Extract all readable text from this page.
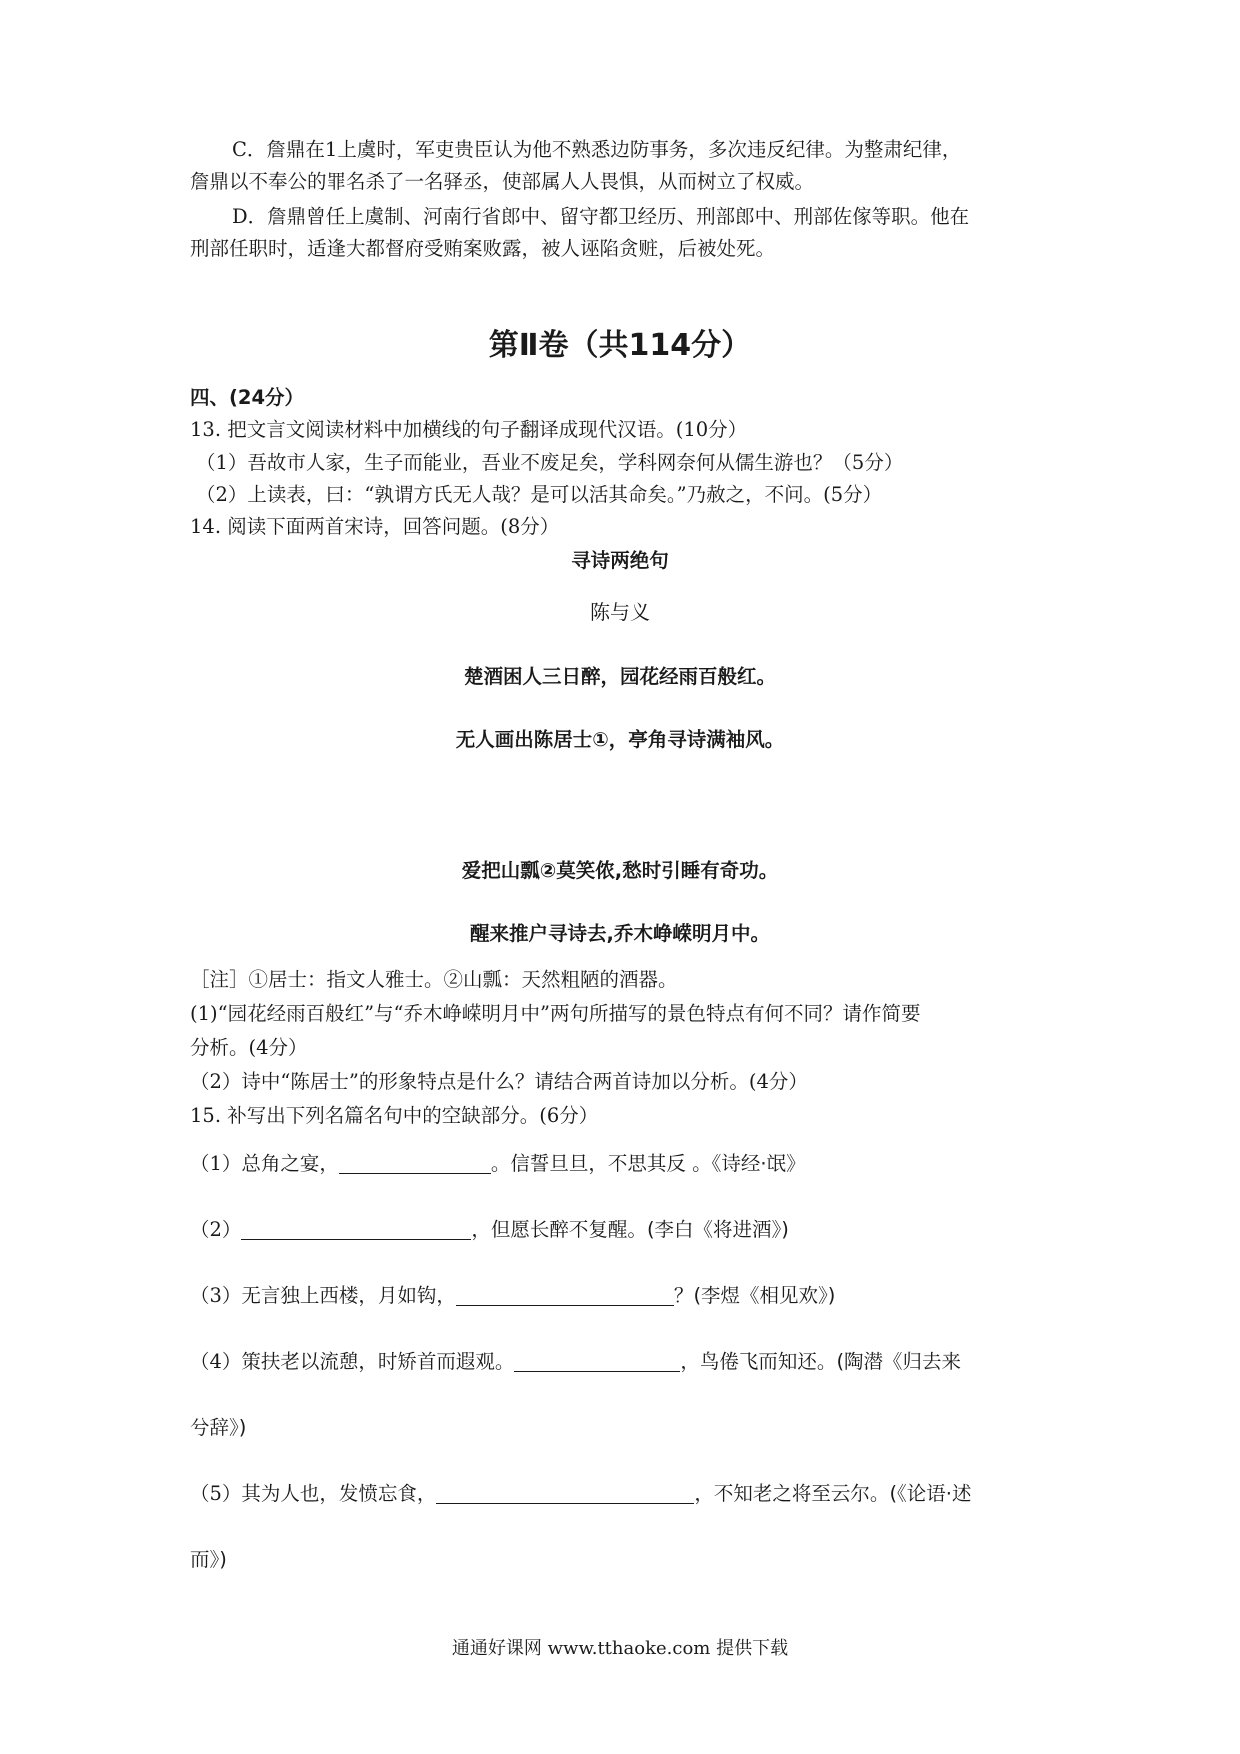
C．詹鼎在1上虞时，军吏贵臣认为他不熟悉边防事务，多次违反纪律。为整肃纪律，
詹鼎以不奉公的罪名杀了一名驿丞，使部属人人畏惧，从而树立了权威。
D．詹鼎曾任上虞制、河南行省郎中、留守都卫经历、刑部郎中、刑部佐傢等职。他在
刑部任职时，适逢大都督府受贿案败露，被人诬陷贪赃，后被处死。
第Ⅱ卷（共114分）
四、(24分）
13. 把文言文阅读材料中加横线的句子翻译成现代汉语。(10分）
（1）吾故市人家，生子而能业，吾业不废足矣，学科网奈何从儒生游也？（5分）
（2）上读表，曰：“孰谓方氏无人哉？是可以活其命矣。”乃赦之，不问。(5分）
14. 阅读下面两首宋诗，回答问题。(8分）
寻诗两绝句
陈与义
楚酒困人三日醉，园花经雨百般红。
无人画出陈居士①，亭角寻诗满袖风。
爱把山瓢②莫笑侬,愁时引睡有奇功。
醒来推户寻诗去,乔木峥嵘明月中。
［注］①居士：指文人雅士。②山瓢：天然粗陋的酒器。
(1)“园花经雨百般红”与“乔木峥嵘明月中”两句所描写的景色特点有何不同？请作简要
分析。(4分）
（2）诗中“陈居士”的形象特点是什么？请结合两首诗加以分析。(4分）
15. 补写出下列名篇名句中的空缺部分。(6分）
（1）总角之宴，	。信誓旦旦，不思其反 。《诗经·氓》
（2）	，但愿长醉不复醒。(李白《将进酒》)
（3）无言独上西楼，月如钩，	？(李煜《相见欢》)
（4）策扶老以流憩，时矫首而遐观。	，鸟倦飞而知还。(陶潜《归去来
兮辞》)
（5）其为人也，发愤忘食，	，不知老之将至云尔。(《论语·述
而》)
通通好课网 www.tthaoke.com 提供下载
